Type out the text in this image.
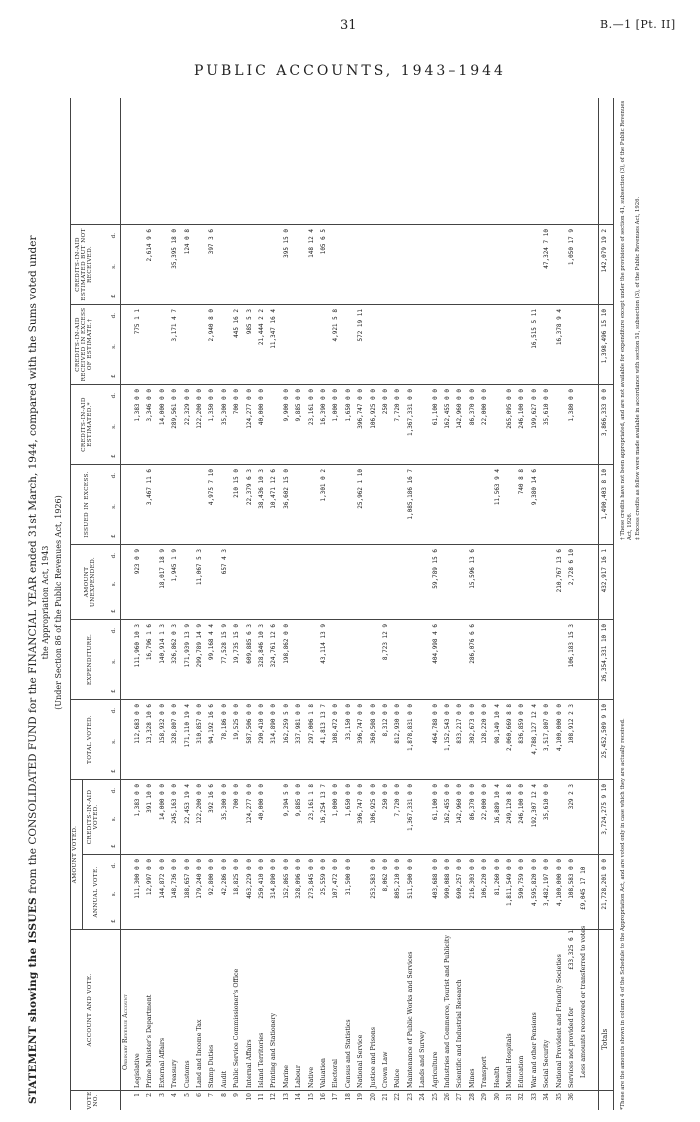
31	B.—1 [Pt. II]
PUBLIC ACCOUNTS, 1943–1944
STATEMENT showing the ISSUES from the CONSOLIDATED FUND for the FINANCIAL YEAR ended 31st March, 1944, compared with the Sums voted under the Appropriation Act, 1943 (Under Section 86 of the Public Revenues Act, 1926)
VOTE NO.
ACCOUNT AND VOTE.
AMOUNT VOTED.
ANNUAL VOTE.
CREDITS-IN-AID VOTED.
TOTAL VOTED.
EXPENDITURE.
AMOUNT UNEXPENDED.
ISSUED IN EXCESS.
CREDITS-IN-AID ESTIMATED.*
CREDITS-IN-AID RECEIVED IN EXCESS OF ESTIMATE.†
CREDITS-IN-AID ESTIMATED BUT NOT RECEIVED.
£
s.
d.
£
s.
d.
£
s.
d.
£
s.
d.
£
s.
d.
£
s.
d.
£
s.
d.
£
s.
d.
£
s.
d.
Ordinary Revenue Account
1
Legislative
111,300 0 0
1,383 0 0
112,683 0 0
111,960 10 3
923 0 9
1,383 0 0
775 1 1
2
Prime Minister's Department
12,997 0 0
391 10 0
13,328 10 6
16,796 1 6
3,467 11 6
3,346 0 0
2,614 9 6
3
External Affairs
144,872 0 0
14,000 0 0
158,932 0 0
140,914 1 3
18,017 18 9
14,000 0 0
4
Treasury
148,736 0 0
245,163 0 0
328,807 0 0
326,862 0 3
1,945 1 9
289,561 0 0
3,171 4 7
35,395 18 0
5
Customs
188,657 0 0
22,453 19 4
171,110 19 4
171,939 13 9
22,329 0 0
124 0 8
6
Land and Income Tax
179,240 0 0
122,200 0 0
310,857 0 0
299,789 14 9
11,067 5 3
122,200 0 0
7
Stamp Duties
92,800 0 0
392 16 6
94,192 16 6
99,168 4 4
4,975 7 10
1,350 0 0
2,940 8 0
397 3 6
8
Audit
42,286 0 0
35,300 0 0
78,186 0 0
77,528 15 9
657 4 3
35,300 0 0
9
Public Service Commissioner's Office
18,825 0 0
700 0 0
19,525 0 0
19,735 15 0
210 15 0
700 0 0
445 16 2
10
Internal Affairs
463,229 0 0
124,277 0 0
587,506 0 0
609,885 6 3
22,379 6 3
124,277 0 0
985 5 3
11
Island Territories
250,410 0 0
40,000 0 0
290,410 0 0
328,846 10 3
38,436 10 3
40,000 0 0
21,444 2 2
12
Printing and Stationery
314,890 0 0
314,890 0 0
324,761 12 6
10,471 12 6
11,347 16 4
13
Marine
152,865 0 0
9,394 5 0
162,259 5 0
198,862 0 0
36,602 15 0
9,900 0 0
395 15 0
14
Labour
328,096 0 0
9,885 0 0
337,981 0 0
9,885 0 0
15
Native
273,845 0 0
23,161 1 8
297,006 1 8
23,161 0 0
148 12 4
16
Valuation
25,559 0 0
16,254 13 7
41,813 13 7
43,114 13 9
1,301 0 2
16,390 0 0
105 6 5
17
Electoral
107,472 0 0
1,000 0 0
108,472 0 0
1,000 0 0
4,921 5 8
18
Census and Statistics
31,500 0 0
1,650 0 0
33,150 0 0
1,650 0 0
19
National Service
396,747 0 0
396,747 0 0
25,962 1 10
396,747 0 0
572 19 11
20
Justice and Prisons
253,583 0 0
106,925 0 0
360,508 0 0
106,925 0 0
21
Crown Law
8,062 0 0
250 0 0
8,312 0 0
8,723 12 9
250 0 0
22
Police
805,210 0 0
7,720 0 0
812,930 0 0
7,720 0 0
23
Maintenance of Public Works and Services
511,500 0 0
1,367,331 0 0
1,878,831 0 0
1,085,186 16 7
1,367,331 0 0
24
Lands and Survey
25
Agriculture
403,688 0 0
61,100 0 0
464,788 0 0
404,998 4 6
59,789 15 6
61,100 0 0
26
Industries and Commerce, Tourist and Publicity
990,088 0 0
162,455 0 0
1,152,543 0 0
162,455 0 0
27
Scientific and Industrial Research
690,257 0 0
142,960 0 0
833,217 0 0
142,960 0 0
28
Mines
216,303 0 0
86,370 0 0
302,673 0 0
286,076 6 6
15,596 13 6
86,370 0 0
29
Transport
106,220 0 0
22,000 0 0
128,220 0 0
22,000 0 0
30
Health
81,260 0 0
16,889 10 4
98,149 10 4
11,563 9 4
31
Mental Hospitals
1,811,549 0 0
249,120 8 8
2,060,669 8 8
265,095 0 0
32
Education
590,759 0 0
246,100 0 0
836,859 0 0
740 8 8
246,100 0 0
33
War and other Pensions
4,595,820 0 0
192,307 12 4
4,788,127 12 4
9,380 14 6
199,627 0 0
16,515 5 11
34
Social Security
3,482,197 0 0
35,610 0 0
3,517,807 0 0
35,610 0 0
47,324 7 10
35
National Provident and Friendly Societies
4,100,000 0 0
4,100,000 0 0
210,767 13 6
16,378 9 4
36
Services not provided for
108,583 0 0
329 2 3
108,912 2 3
106,183 15 3
2,728 6 10
1,380 0 0
1,050 17 9
£33,325 6 1 Less amounts recovered or transferred to votes
£9,045 17 10
Totals
21,728,201 0 0
3,724,275 9 10
25,452,509 9 10
26,354,331 10 10
432,917 16 1
1,490,403 8 10
3,866,333 0 0
1,398,496 15 10
142,079 19 2
*These are the amounts shown in column 4 of the Schedule to the Appropriation Act, and are voted only in case which they are actually received.
† These credits have not been appropriated, and are not available for expenditure except under the provisions of section 41, subsection (3), of the Public Revenues Act, 1926. ‡ Excess credits as follow were made available in accordance with section 51, subsection (3), of the Public Revenues Act, 1926.
